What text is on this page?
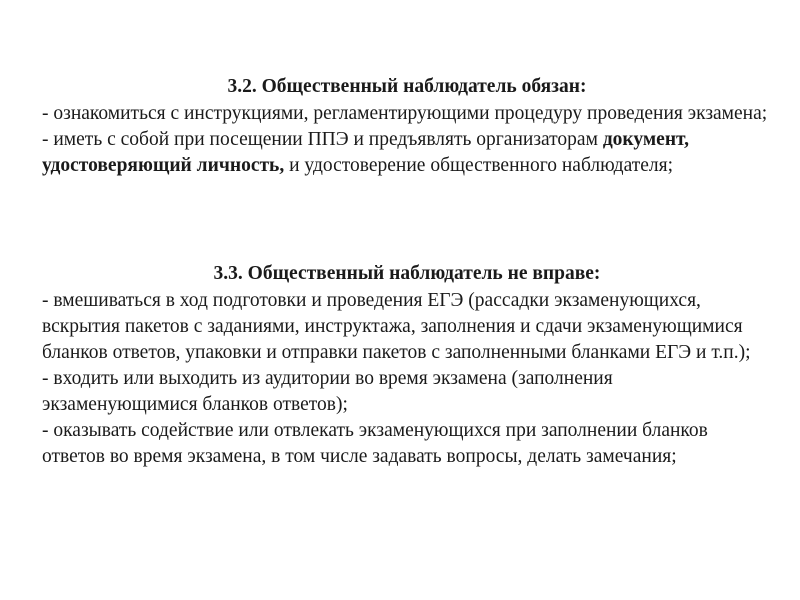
3.2. Общественный наблюдатель обязан:

- ознакомиться с инструкциями, регламентирующими процедуру проведения экзамена;

- иметь с собой при посещении ППЭ и предъявлять организаторам документ, удостоверяющий личность, и удостоверение общественного наблюдателя;

3.3. Общественный наблюдатель не вправе:

- вмешиваться в ход подготовки и проведения ЕГЭ (рассадки экзаменующихся, вскрытия пакетов с заданиями, инструктажа, заполнения и сдачи экзаменующимися бланков ответов, упаковки и отправки пакетов с заполненными бланками ЕГЭ и т.п.);

- входить или выходить из аудитории во время экзамена (заполнения экзаменующимися бланков ответов);

- оказывать содействие или отвлекать экзаменующихся при заполнении бланков ответов во время экзамена, в том числе задавать вопросы, делать замечания;
